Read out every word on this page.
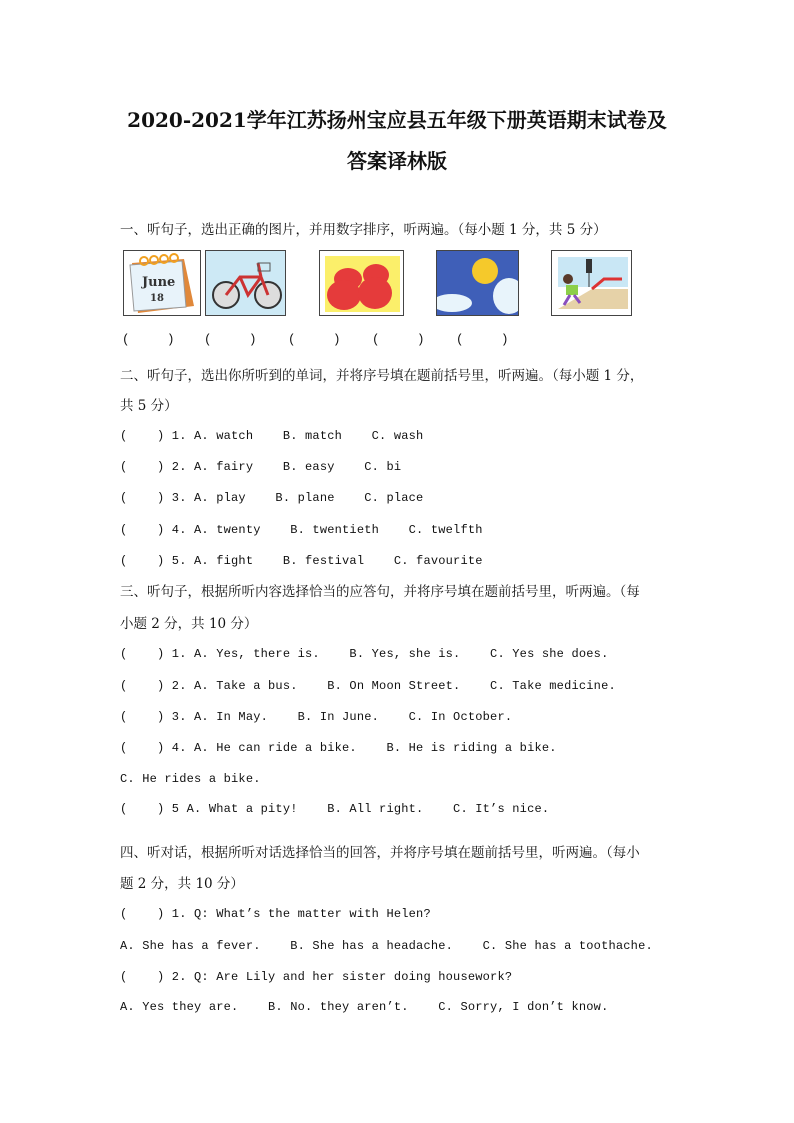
2020-2021学年江苏扬州宝应县五年级下册英语期末试卷及
答案译林版
一、听句子，选出正确的图片，并用数字排序，听两遍。（每小题 1 分，共 5 分）
June
18
(     ) (     )	(     )	(     )	(     )
二、听句子，选出你所听到的单词，并将序号填在题前括号里，听两遍。（每小题 1 分，
共 5 分）
(    ) 1. A. watch    B. match    C. wash
(    ) 2. A. fairy    B. easy    C. bi
(    ) 3. A. play    B. plane    C. place
(    ) 4. A. twenty    B. twentieth    C. twelfth
(    ) 5. A. fight    B. festival    C. favourite
三、听句子，根据所听内容选择恰当的应答句，并将序号填在题前括号里，听两遍。（每
小题 2 分，共 10 分）
(    ) 1. A. Yes, there is.    B. Yes, she is.    C. Yes she does.
(    ) 2. A. Take a bus.    B. On Moon Street.    C. Take medicine.
(    ) 3. A. In May.    B. In June.    C. In October.
(    ) 4. A. He can ride a bike.    B. He is riding a bike.
C. He rides a bike.
(    ) 5 A. What a pity!    B. All right.    C. It’s nice.
四、听对话，根据所听对话选择恰当的回答，并将序号填在题前括号里，听两遍。（每小
题 2 分，共 10 分）
(    ) 1. Q: What’s the matter with Helen?
A. She has a fever.    B. She has a headache.    C. She has a toothache.
(    ) 2. Q: Are Lily and her sister doing housework?
A. Yes they are.    B. No. they aren’t.    C. Sorry, I don’t know.
